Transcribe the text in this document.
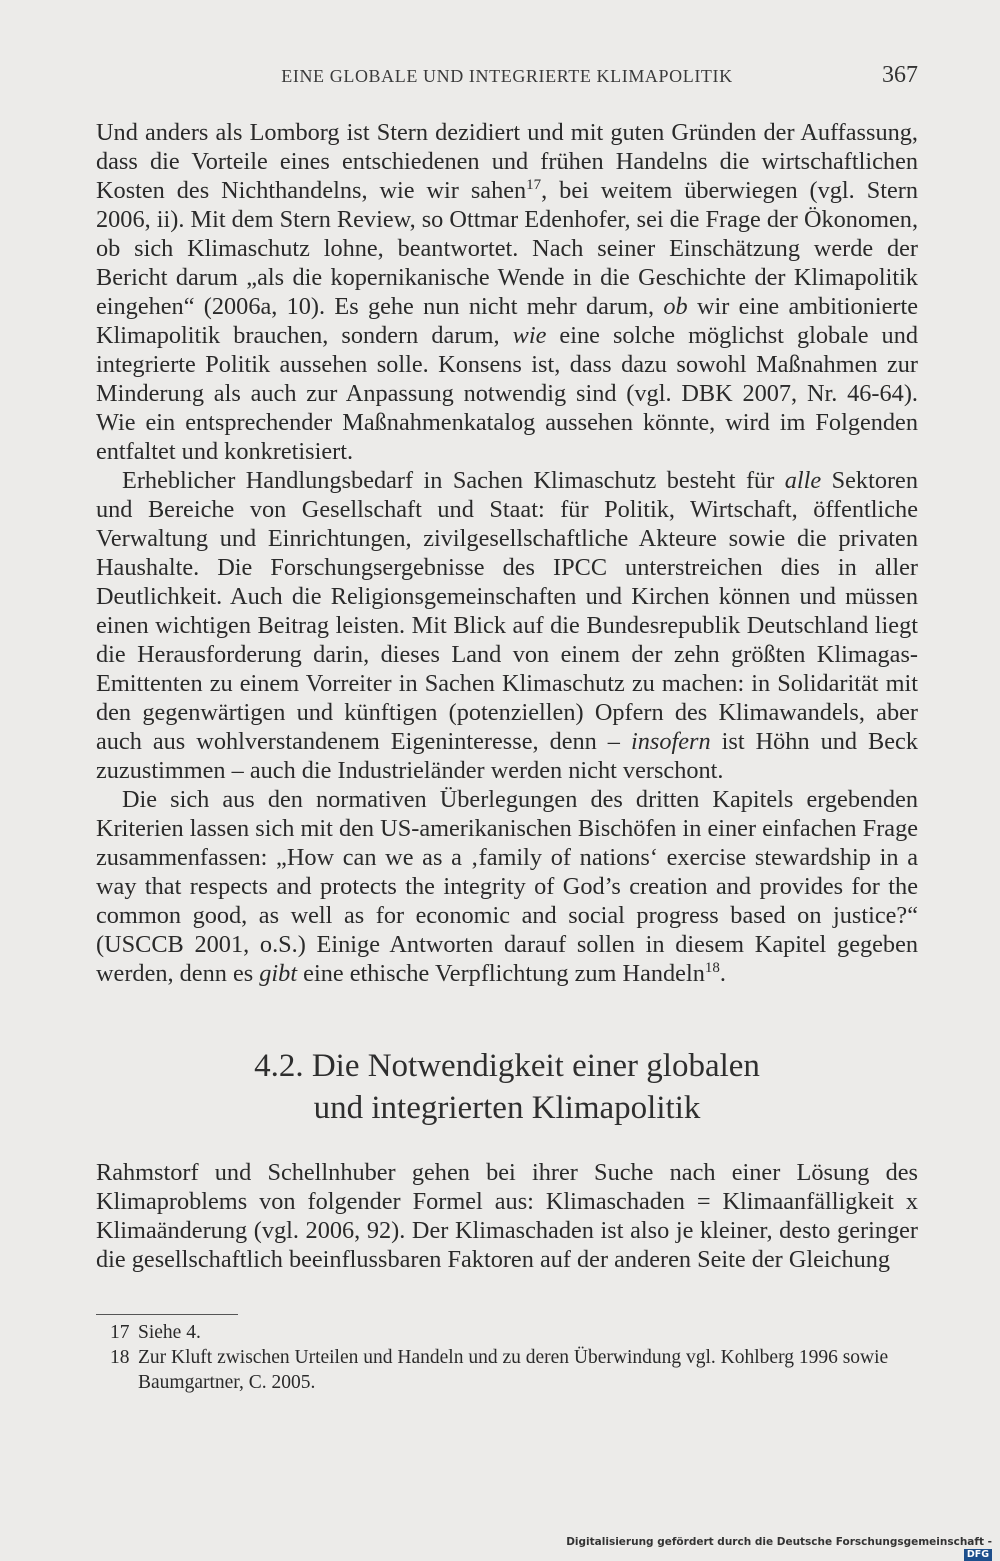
EINE GLOBALE UND INTEGRIERTE KLIMAPOLITIK	367

Und anders als Lomborg ist Stern dezidiert und mit guten Gründen der Auffassung, dass die Vorteile eines entschiedenen und frühen Handelns die wirtschaftlichen Kosten des Nichthandelns, wie wir sahen$^{17}$, bei weitem überwiegen (vgl. Stern 2006, ii). Mit dem Stern Review, so Ottmar Edenhofer, sei die Frage der Ökonomen, ob sich Klimaschutz lohne, beantwortet. Nach seiner Einschätzung werde der Bericht darum „als die kopernikanische Wende in die Geschichte der Klimapolitik eingehen“ (2006a, 10). Es gehe nun nicht mehr darum, ob wir eine ambitionierte Klimapolitik brauchen, sondern darum, wie eine solche möglichst globale und integrierte Politik aussehen solle. Konsens ist, dass dazu sowohl Maßnahmen zur Minderung als auch zur Anpassung notwendig sind (vgl. DBK 2007, Nr. 46-64). Wie ein entsprechender Maßnahmenkatalog aussehen könnte, wird im Folgenden entfaltet und konkretisiert.

Erheblicher Handlungsbedarf in Sachen Klimaschutz besteht für alle Sektoren und Bereiche von Gesellschaft und Staat: für Politik, Wirtschaft, öffentliche Verwaltung und Einrichtungen, zivilgesellschaftliche Akteure sowie die privaten Haushalte. Die Forschungsergebnisse des IPCC unterstreichen dies in aller Deutlichkeit. Auch die Religionsgemeinschaften und Kirchen können und müssen einen wichtigen Beitrag leisten. Mit Blick auf die Bundesrepublik Deutschland liegt die Herausforderung darin, dieses Land von einem der zehn größten Klimagas-Emittenten zu einem Vorreiter in Sachen Klimaschutz zu machen: in Solidarität mit den gegenwärtigen und künftigen (potenziellen) Opfern des Klimawandels, aber auch aus wohlverstandenem Eigeninteresse, denn – insofern ist Höhn und Beck zuzustimmen – auch die Industrieländer werden nicht verschont.

Die sich aus den normativen Überlegungen des dritten Kapitels ergebenden Kriterien lassen sich mit den US-amerikanischen Bischöfen in einer einfachen Frage zusammenfassen: „How can we as a ‚family of nations‘ exercise stewardship in a way that respects and protects the integrity of God’s creation and provides for the common good, as well as for economic and social progress based on justice?“ (USCCB 2001, o.S.) Einige Antworten darauf sollen in diesem Kapitel gegeben werden, denn es gibt eine ethische Verpflichtung zum Handeln$^{18}$.

4.2. Die Notwendigkeit einer globalen
und integrierten Klimapolitik

Rahmstorf und Schellnhuber gehen bei ihrer Suche nach einer Lösung des Klimaproblems von folgender Formel aus: Klimaschaden = Klimaanfälligkeit x Klimaänderung (vgl. 2006, 92). Der Klimaschaden ist also je kleiner, desto geringer die gesellschaftlich beeinflussbaren Faktoren auf der anderen Seite der Gleichung

17 Siehe 4.
18 Zur Kluft zwischen Urteilen und Handeln und zu deren Überwindung vgl. Kohlberg 1996 sowie Baumgartner, C. 2005.
Digitalisierung gefördert durch die Deutsche Forschungsgemeinschaft -DFG
